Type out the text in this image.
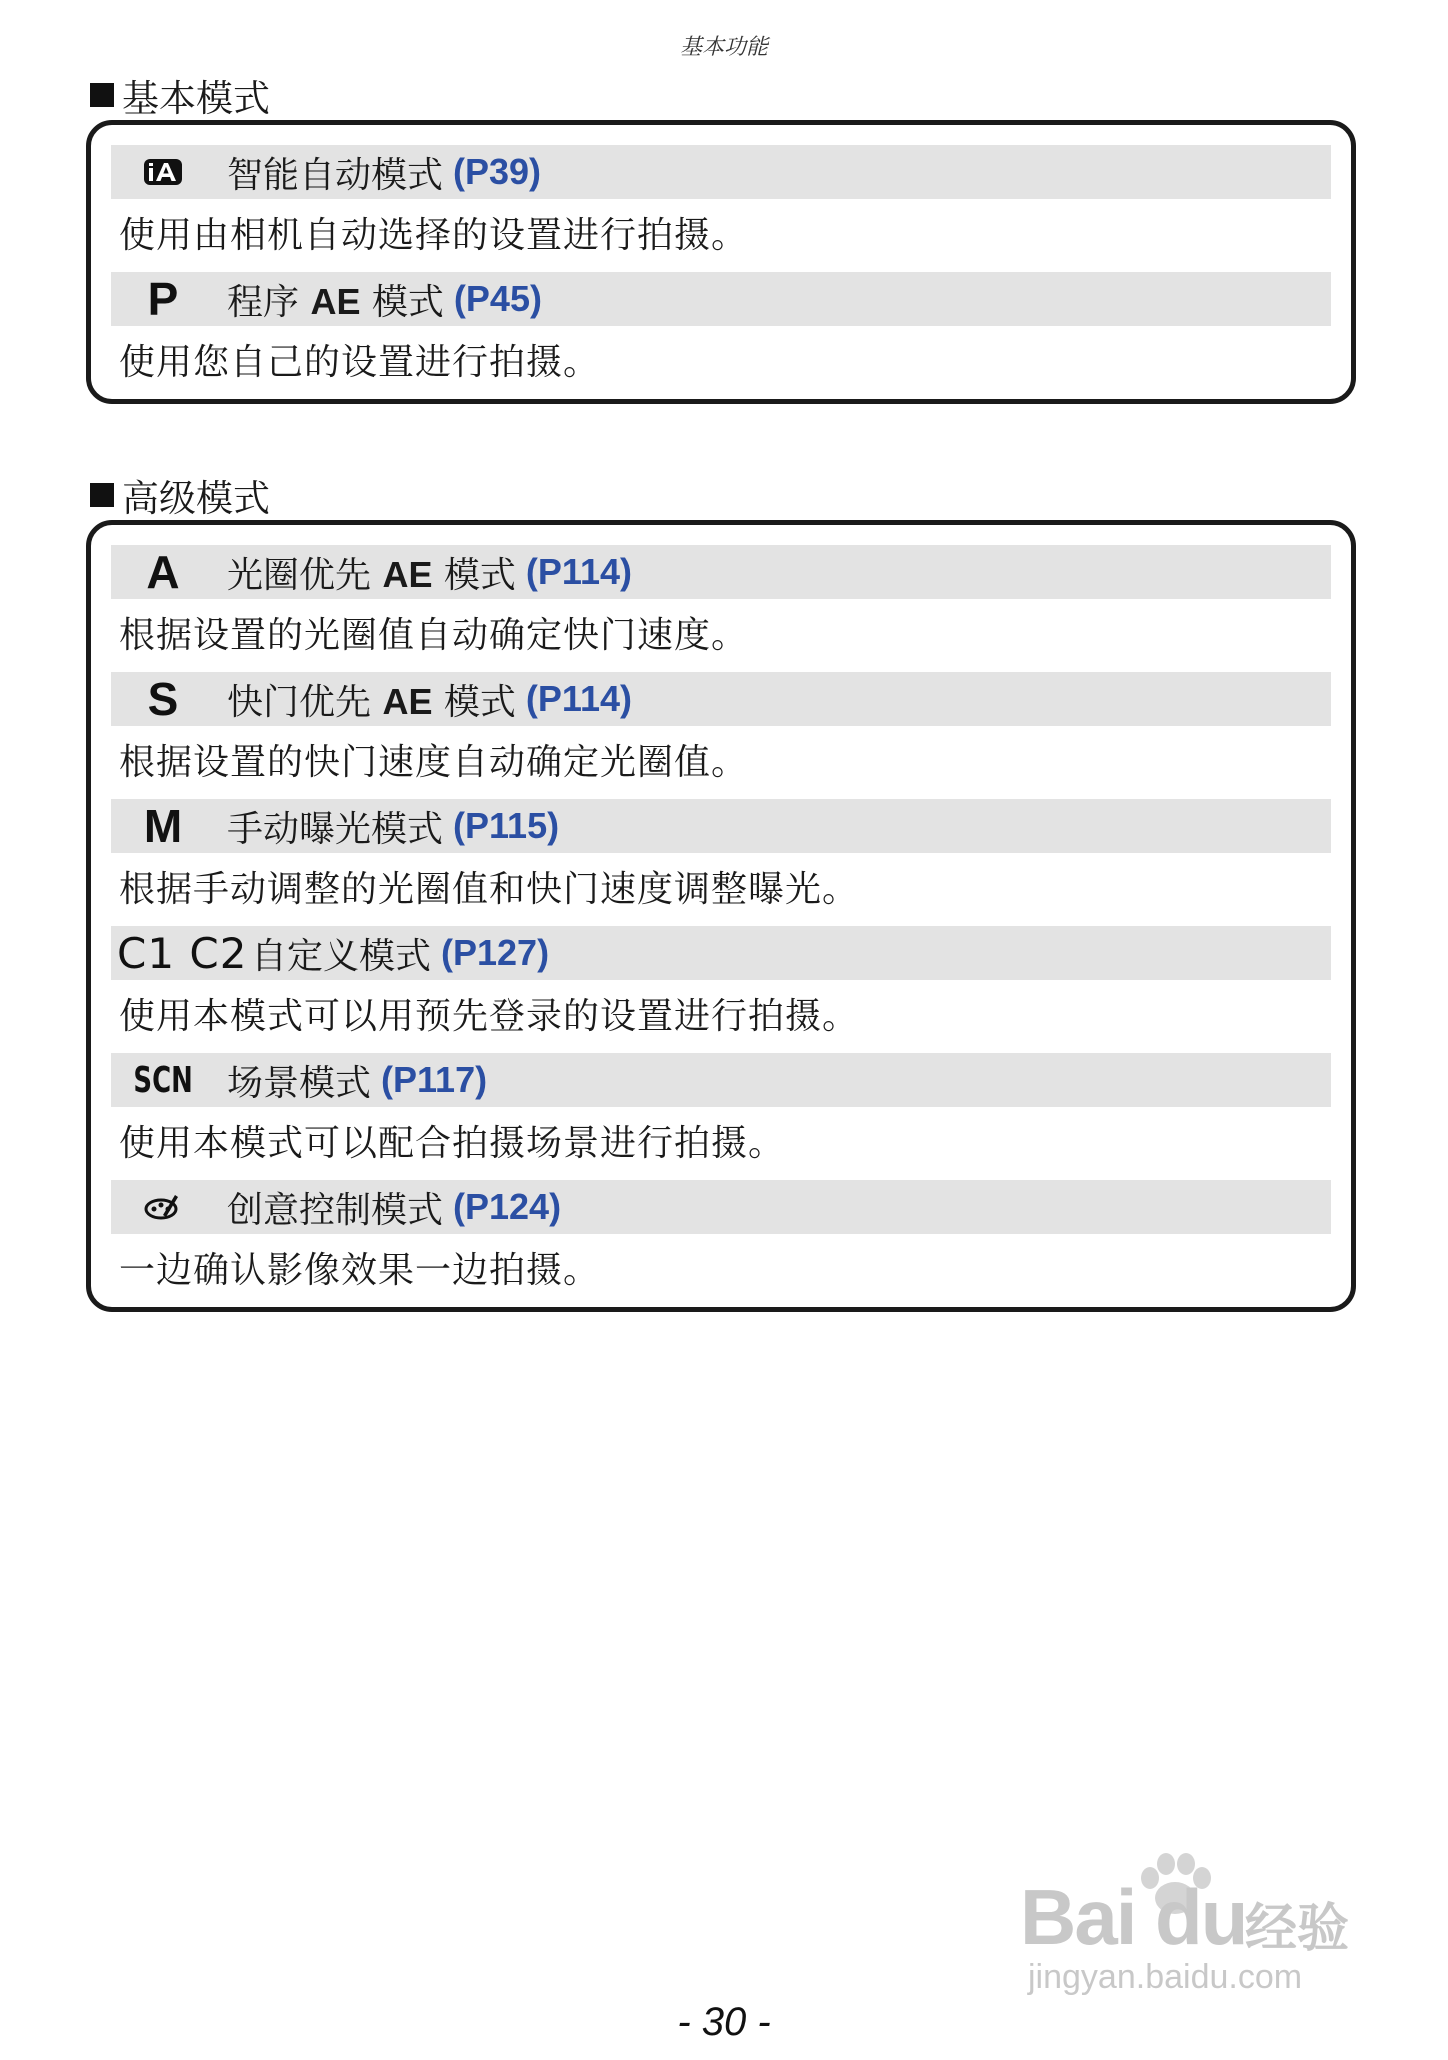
基本功能
基本模式
智能自动模式 (P39)
使用由相机自动选择的设置进行拍摄。
P	程序 AE 模式 (P45)
使用您自己的设置进行拍摄。
高级模式
A	光圈优先 AE 模式 (P114)
根据设置的光圈值自动确定快门速度。
S	快门优先 AE 模式 (P114)
根据设置的快门速度自动确定光圈值。
M	手动曝光模式 (P115)
根据手动调整的光圈值和快门速度调整曝光。
C1 C2 自定义模式 (P127)
使用本模式可以用预先登录的设置进行拍摄。
SCN 场景模式 (P117)
使用本模式可以配合拍摄场景进行拍摄。
创意控制模式 (P124)
一边确认影像效果一边拍摄。
Bai du
经验
jingyan.baidu.com
- 30 -
